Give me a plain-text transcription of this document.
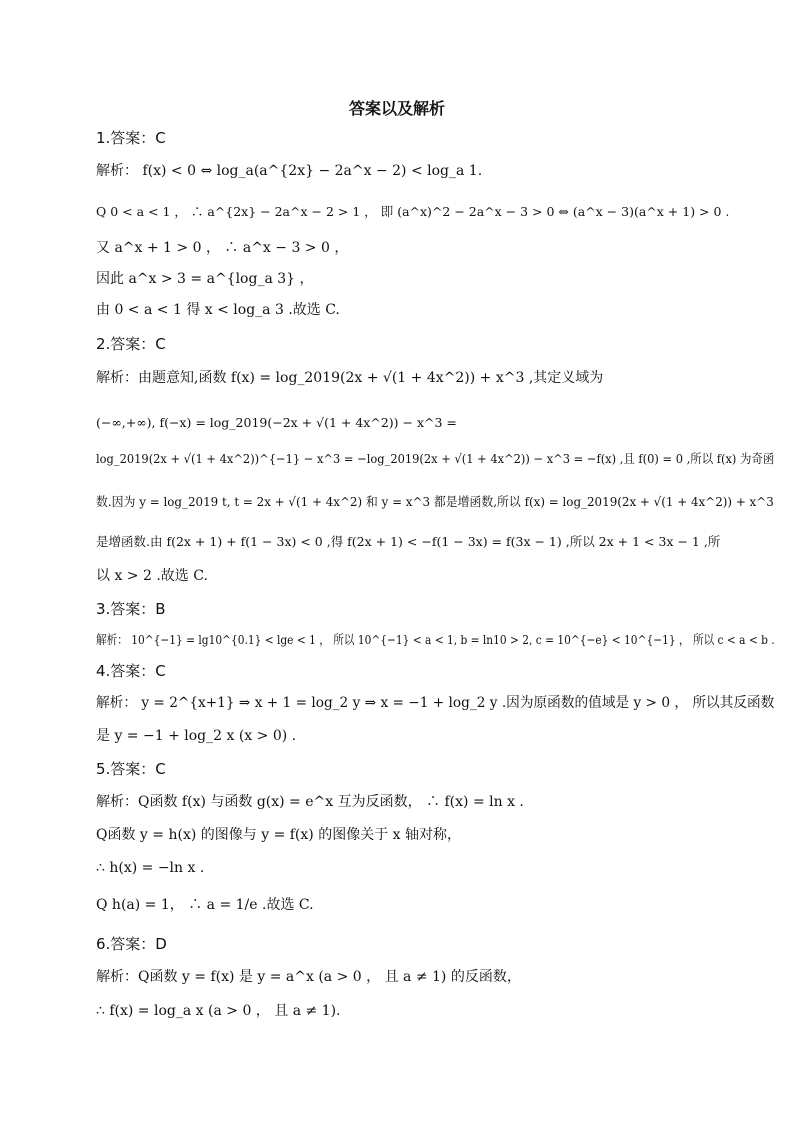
答案以及解析
1.答案：C
解析： f(x) < 0 ⇔ log_a(a^{2x} − 2a^x − 2) < log_a 1.
Q 0 < a < 1 ， ∴ a^{2x} − 2a^x − 2 > 1 ， 即 (a^x)^2 − 2a^x − 3 > 0 ⇔ (a^x − 3)(a^x + 1) > 0 .
又 a^x + 1 > 0 ， ∴ a^x − 3 > 0 ，
因此 a^x > 3 = a^{log_a 3} ，
由 0 < a < 1 得 x < log_a 3 .故选 C.
2.答案：C
解析：由题意知,函数 f(x) = log_2019(2x + √(1 + 4x^2)) + x^3 ,其定义域为
(−∞,+∞), f(−x) = log_2019(−2x + √(1 + 4x^2)) − x^3 =
log_2019(2x + √(1 + 4x^2))^{−1} − x^3 = −log_2019(2x + √(1 + 4x^2)) − x^3 = −f(x) ,且 f(0) = 0 ,所以 f(x) 为奇函
数.因为 y = log_2019 t, t = 2x + √(1 + 4x^2) 和 y = x^3 都是增函数,所以 f(x) = log_2019(2x + √(1 + 4x^2)) + x^3
是增函数.由 f(2x + 1) + f(1 − 3x) < 0 ,得 f(2x + 1) < −f(1 − 3x) = f(3x − 1) ,所以 2x + 1 < 3x − 1 ,所
以 x > 2 .故选 C.
3.答案：B
解析： 10^{−1} = lg10^{0.1} < lge < 1 ， 所以 10^{−1} < a < 1, b = ln10 > 2, c = 10^{−e} < 10^{−1} ， 所以 c < a < b .
4.答案：C
解析： y = 2^{x+1} ⇒ x + 1 = log_2 y ⇒ x = −1 + log_2 y .因为原函数的值域是 y > 0 ， 所以其反函数
是 y = −1 + log_2 x (x > 0) .
5.答案：C
解析：Q函数 f(x) 与函数 g(x) = e^x 互为反函数， ∴ f(x) = ln x .
Q函数 y = h(x) 的图像与 y = f(x) 的图像关于 x 轴对称，
∴ h(x) = −ln x .
Q h(a) = 1， ∴ a = 1/e .故选 C.
6.答案：D
解析：Q函数 y = f(x) 是 y = a^x (a > 0 ， 且 a ≠ 1) 的反函数，
∴ f(x) = log_a x (a > 0 ， 且 a ≠ 1).
